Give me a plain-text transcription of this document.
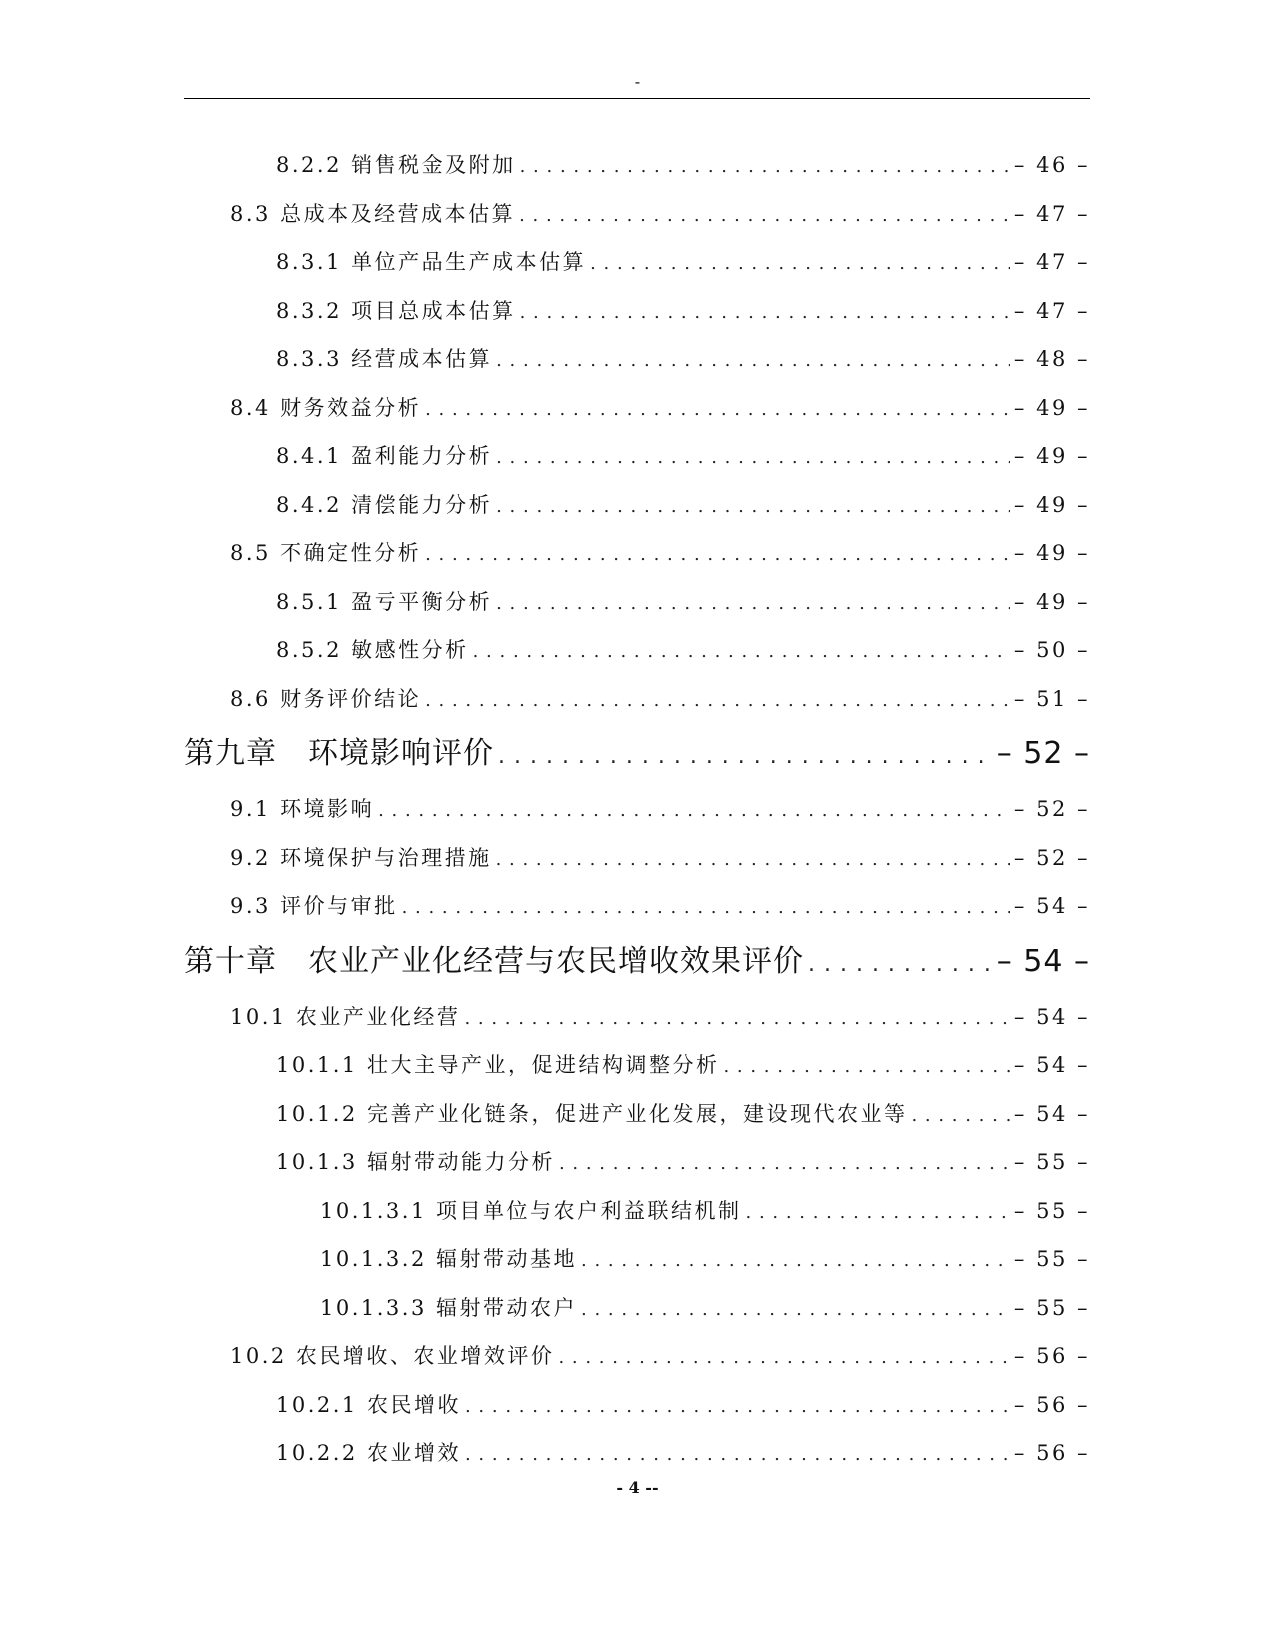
-
8.2.2 销售税金及附加 . . .	– 46 –
8.3 总成本及经营成本估算 . . .	– 47 –
8.3.1 单位产品生产成本估算 . . .	– 47 –
8.3.2 项目总成本估算 . . .	– 47 –
8.3.3 经营成本估算 . . .	– 48 –
8.4 财务效益分析 . . .	– 49 –
8.4.1 盈利能力分析 . . .	– 49 –
8.4.2 清偿能力分析 . . .	– 49 –
8.5 不确定性分析 . . .	– 49 –
8.5.1 盈亏平衡分析 . . .	– 49 –
8.5.2 敏感性分析 . . .	– 50 –
8.6 财务评价结论 . . .	– 51 –
第九章　环境影响评价 . . .	– 52 –
9.1 环境影响 . . .	– 52 –
9.2 环境保护与治理措施 . . .	– 52 –
9.3 评价与审批 . . .	– 54 –
第十章　农业产业化经营与农民增收效果评价 . . .	– 54 –
10.1 农业产业化经营 . . .	– 54 –
10.1.1 壮大主导产业，促进结构调整分析 . . .	– 54 –
10.1.2 完善产业化链条，促进产业化发展，建设现代农业等 . . .	– 54 –
10.1.3 辐射带动能力分析 . . .	– 55 –
10.1.3.1 项目单位与农户利益联结机制 . . .	– 55 –
10.1.3.2 辐射带动基地 . . .	– 55 –
10.1.3.3 辐射带动农户 . . .	– 55 –
10.2 农民增收、农业增效评价 . . .	– 56 –
10.2.1 农民增收 . . .	– 56 –
10.2.2 农业增效 . . .	– 56 –
- 4 --
